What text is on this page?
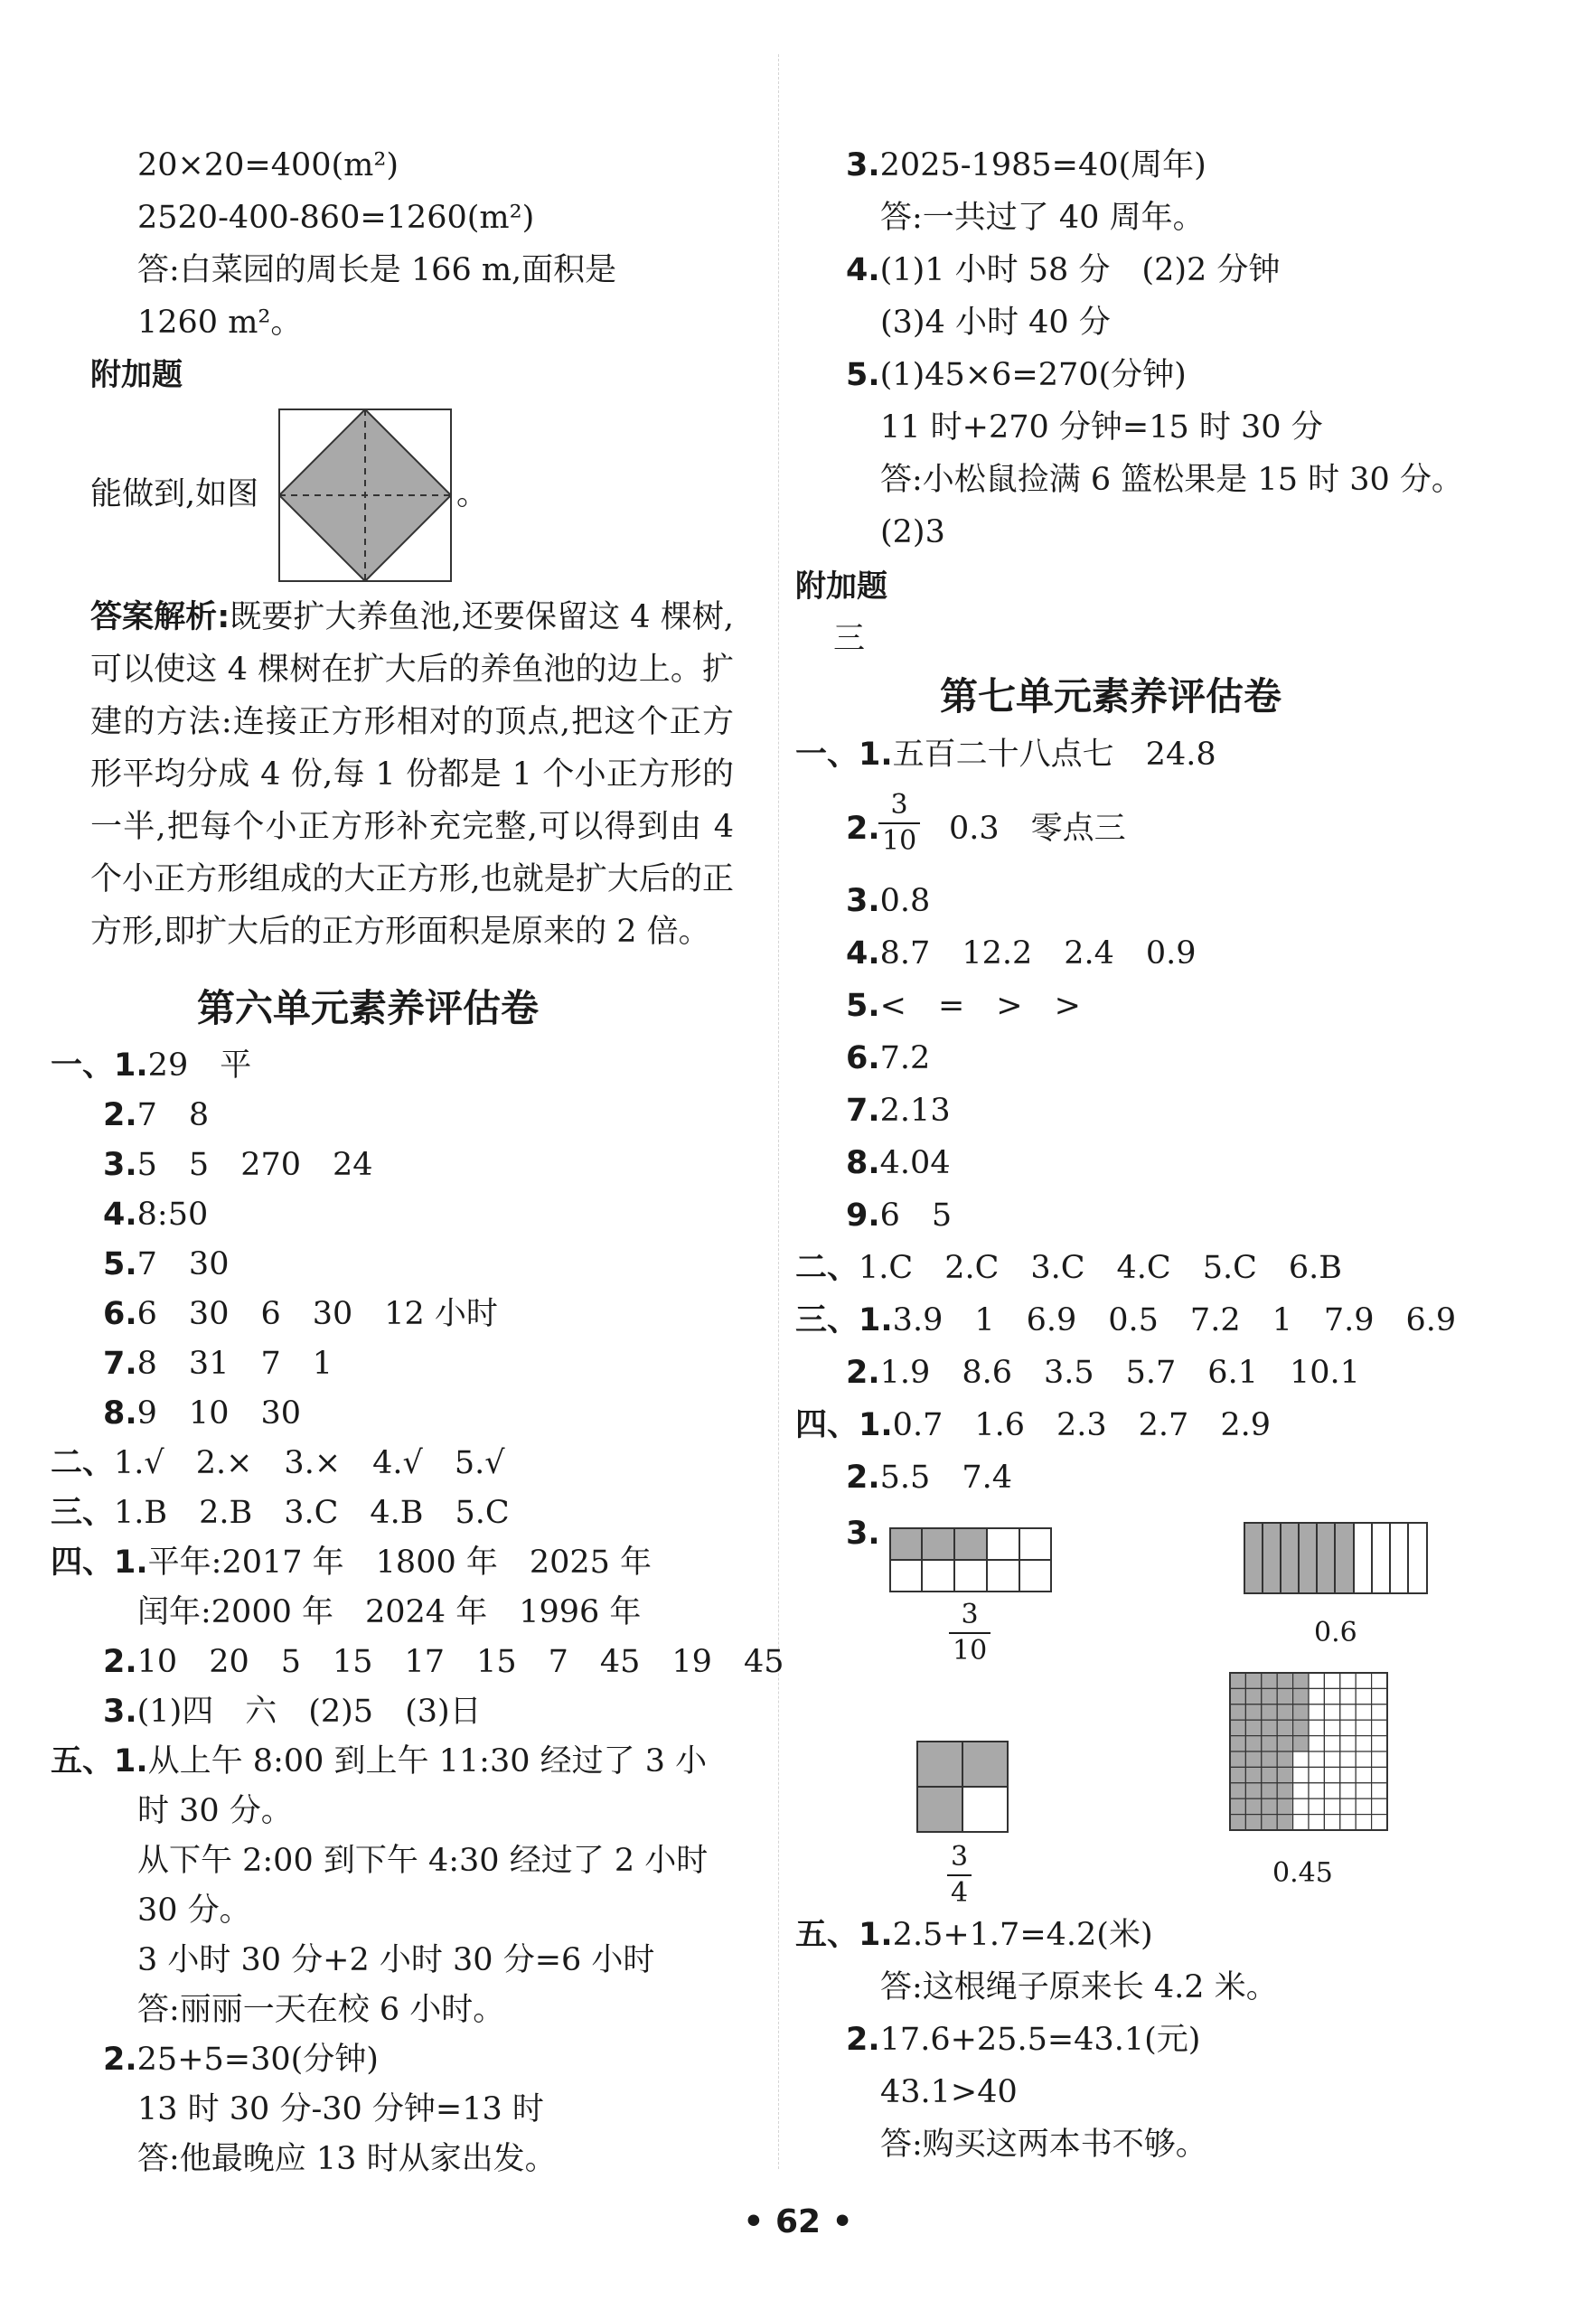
20×20=400(m²)
2520-400-860=1260(m²)
答:白菜园的周长是 166 m,面积是
1260 m²。
附加题
能做到,如图	。
答案解析:既要扩大养鱼池,还要保留这 4 棵树,可以使这 4 棵树在扩大后的养鱼池的边上。扩建的方法:连接正方形相对的顶点,把这个正方形平均分成 4 份,每 1 份都是 1 个小正方形的一半,把每个小正方形补充完整,可以得到由 4 个小正方形组成的大正方形,也就是扩大后的正方形,即扩大后的正方形面积是原来的 2 倍。
第六单元素养评估卷
一、1.29　平
2.7　8
3.5　5　270　24
4.8:50
5.7　30
6.6　30　6　30　12 小时
7.8　31　7　1
8.9　10　30
二、1.√　2.×　3.×　4.√　5.√
三、1.B　2.B　3.C　4.B　5.C
四、1.平年:2017 年　1800 年　2025 年
闰年:2000 年　2024 年　1996 年
2.10　20　5　15　17　15　7　45　19　45
3.(1)四　六　(2)5　(3)日
五、1.从上午 8:00 到上午 11:30 经过了 3 小
时 30 分。
从下午 2:00 到下午 4:30 经过了 2 小时
30 分。
3 小时 30 分+2 小时 30 分=6 小时
答:丽丽一天在校 6 小时。
2.25+5=30(分钟)
13 时 30 分-30 分钟=13 时
答:他最晚应 13 时从家出发。
3.2025-1985=40(周年)
答:一共过了 40 周年。
4.(1)1 小时 58 分　(2)2 分钟
(3)4 小时 40 分
5.(1)45×6=270(分钟)
11 时+270 分钟=15 时 30 分
答:小松鼠捡满 6 篮松果是 15 时 30 分。
(2)3
附加题
三
第七单元素养评估卷
一、1.五百二十八点七　24.8
2.
$\frac{3}{10} 0.3$　零点三
3.0.8
4.8.7　12.2　2.4　0.9
5.<　=　>　>
6.7.2
7.2.13
8.4.04
9.6　5
二、1.C　2.C　3.C　4.C　5.C　6.B
三、1.3.9　1　6.9　0.5　7.2　1　7.9　6.9
2.1.9　8.6　3.5　5.7　6.1　10.1
四、1.0.7　1.6　2.3　2.7　2.9
2.5.5　7.4
3.
$\frac{3}{10}$	0.6
$\frac{3}{4}$	0.45
五、1.2.5+1.7=4.2(米)
答:这根绳子原来长 4.2 米。
2.17.6+25.5=43.1(元)
43.1>40
答:购买这两本书不够。
• 62 •
